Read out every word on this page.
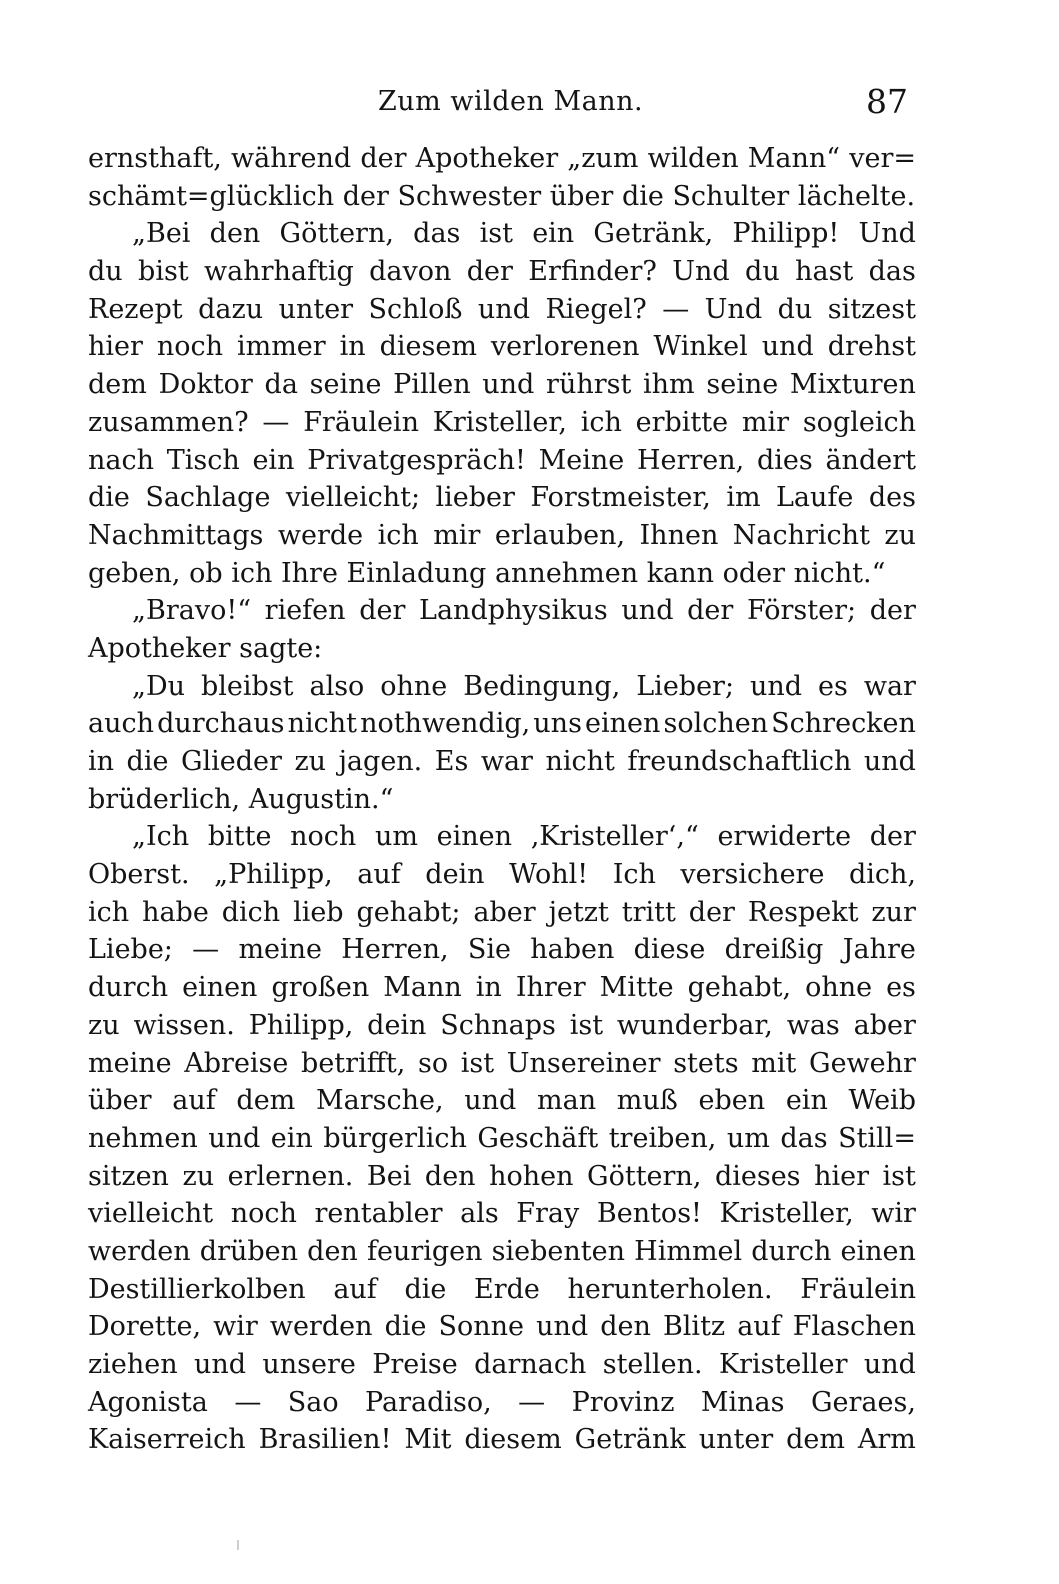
Zum wilden Mann.	87
ernsthaft, während der Apotheker „zum wilden Mann“ ver=
schämt=glücklich
der
Schwester
über
die
Schulter
lächelte.
„Bei den Göttern, das ist ein Getränk, Philipp! Und
du bist wahrhaftig davon der Erfinder? Und du hast das
Rezept dazu unter Schloß und Riegel? — Und du sitzest
hier noch immer in diesem verlorenen Winkel und drehst
dem Doktor da seine Pillen und rührst ihm seine Mixturen
zusammen? — Fräulein Kristeller, ich erbitte mir sogleich
nach Tisch ein Privatgespräch! Meine Herren, dies ändert
die Sachlage vielleicht; lieber Forstmeister, im Laufe des
Nachmittags werde ich mir erlauben, Ihnen Nachricht zu
geben,
ob
ich
Ihre
Einladung
annehmen
kann
oder
nicht.“
„Bravo!“ riefen der Landphysikus und der Förster; der
Apotheker
sagte:
„Du bleibst also ohne Bedingung, Lieber; und es war
auch durchaus nicht nothwendig, uns einen solchen Schrecken
in die Glieder zu jagen. Es war nicht freundschaftlich und
brüderlich,
Augustin.“
„Ich bitte noch um einen ‚Kristeller‘,“ erwiderte der
Oberst. „Philipp, auf dein Wohl! Ich versichere dich,
ich habe dich lieb gehabt; aber jetzt tritt der Respekt zur
Liebe; — meine Herren, Sie haben diese dreißig Jahre
durch einen großen Mann in Ihrer Mitte gehabt, ohne es
zu wissen. Philipp, dein Schnaps ist wunderbar, was aber
meine Abreise betrifft, so ist Unsereiner stets mit Gewehr
über auf dem Marsche, und man muß eben ein Weib
nehmen und ein bürgerlich Geschäft treiben, um das Still=
sitzen zu erlernen. Bei den hohen Göttern, dieses hier ist
vielleicht noch rentabler als Fray Bentos! Kristeller, wir
werden drüben den feurigen siebenten Himmel durch einen
Destillierkolben auf die Erde herunterholen. Fräulein
Dorette, wir werden die Sonne und den Blitz auf Flaschen
ziehen und unsere Preise darnach stellen. Kristeller und
Agonista — Sao Paradiso, — Provinz Minas Geraes,
Kaiserreich Brasilien! Mit diesem Getränk unter dem Arm
